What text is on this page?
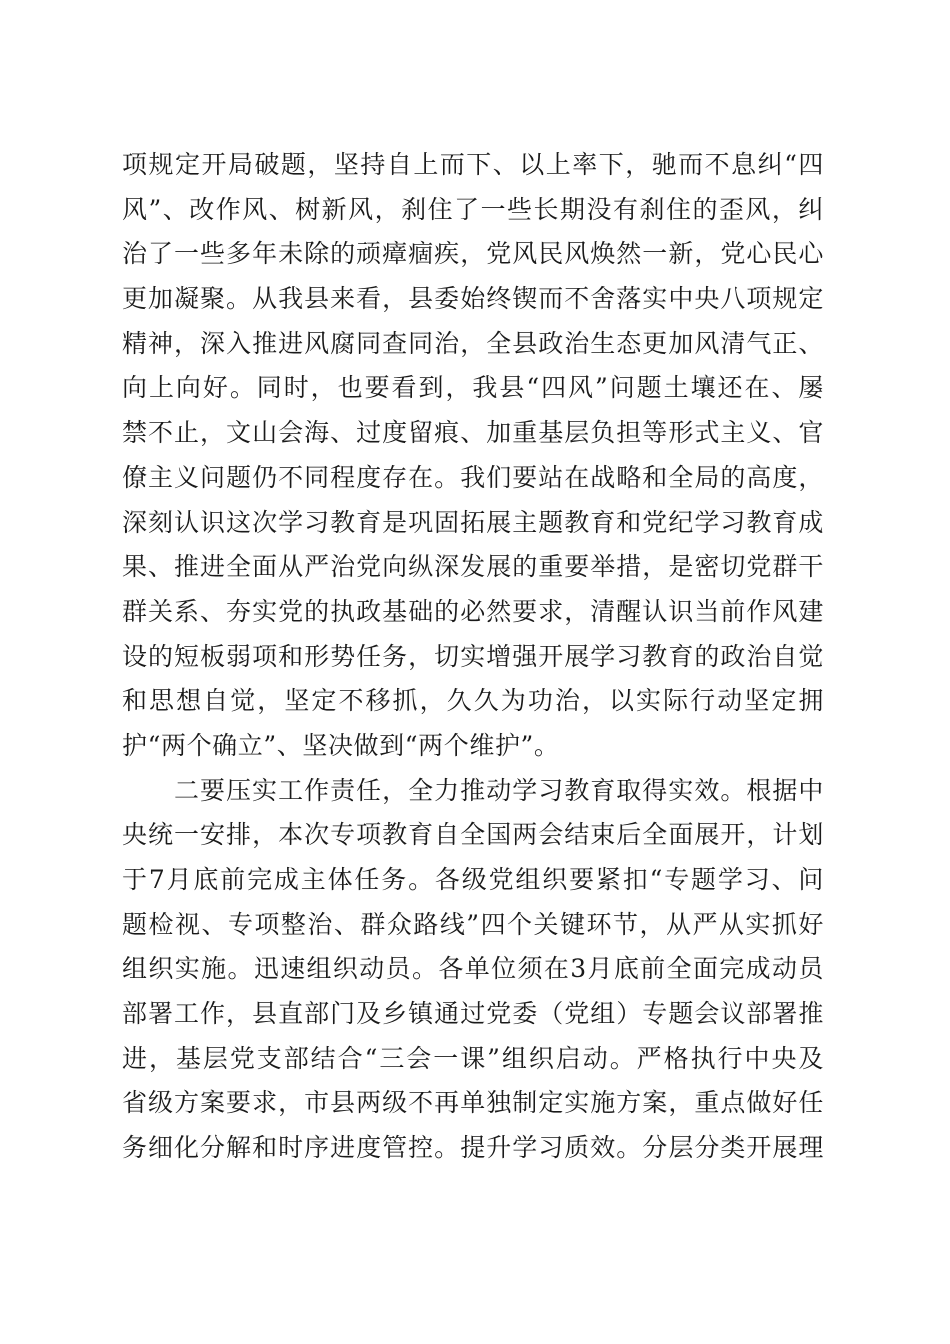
项规定开局破题，坚持自上而下、以上率下，驰而不息纠“四
风”、改作风、树新风，刹住了一些长期没有刹住的歪风，纠
治了一些多年未除的顽瘴痼疾，党风民风焕然一新，党心民心
更加凝聚。从我县来看，县委始终锲而不舍落实中央八项规定
精神，深入推进风腐同查同治，全县政治生态更加风清气正、
向上向好。同时，也要看到，我县“四风”问题土壤还在、屡
禁不止，文山会海、过度留痕、加重基层负担等形式主义、官
僚主义问题仍不同程度存在。我们要站在战略和全局的高度，
深刻认识这次学习教育是巩固拓展主题教育和党纪学习教育成
果、推进全面从严治党向纵深发展的重要举措，是密切党群干
群关系、夯实党的执政基础的必然要求，清醒认识当前作风建
设的短板弱项和形势任务，切实增强开展学习教育的政治自觉
和思想自觉，坚定不移抓，久久为功治，以实际行动坚定拥
护“两个确立”、坚决做到“两个维护”。
二要压实工作责任，全力推动学习教育取得实效。根据中
央统一安排，本次专项教育自全国两会结束后全面展开，计划
于7月底前完成主体任务。各级党组织要紧扣“专题学习、问
题检视、专项整治、群众路线”四个关键环节，从严从实抓好
组织实施。迅速组织动员。各单位须在3月底前全面完成动员
部署工作，县直部门及乡镇通过党委（党组）专题会议部署推
进，基层党支部结合“三会一课”组织启动。严格执行中央及
省级方案要求，市县两级不再单独制定实施方案，重点做好任
务细化分解和时序进度管控。提升学习质效。分层分类开展理
